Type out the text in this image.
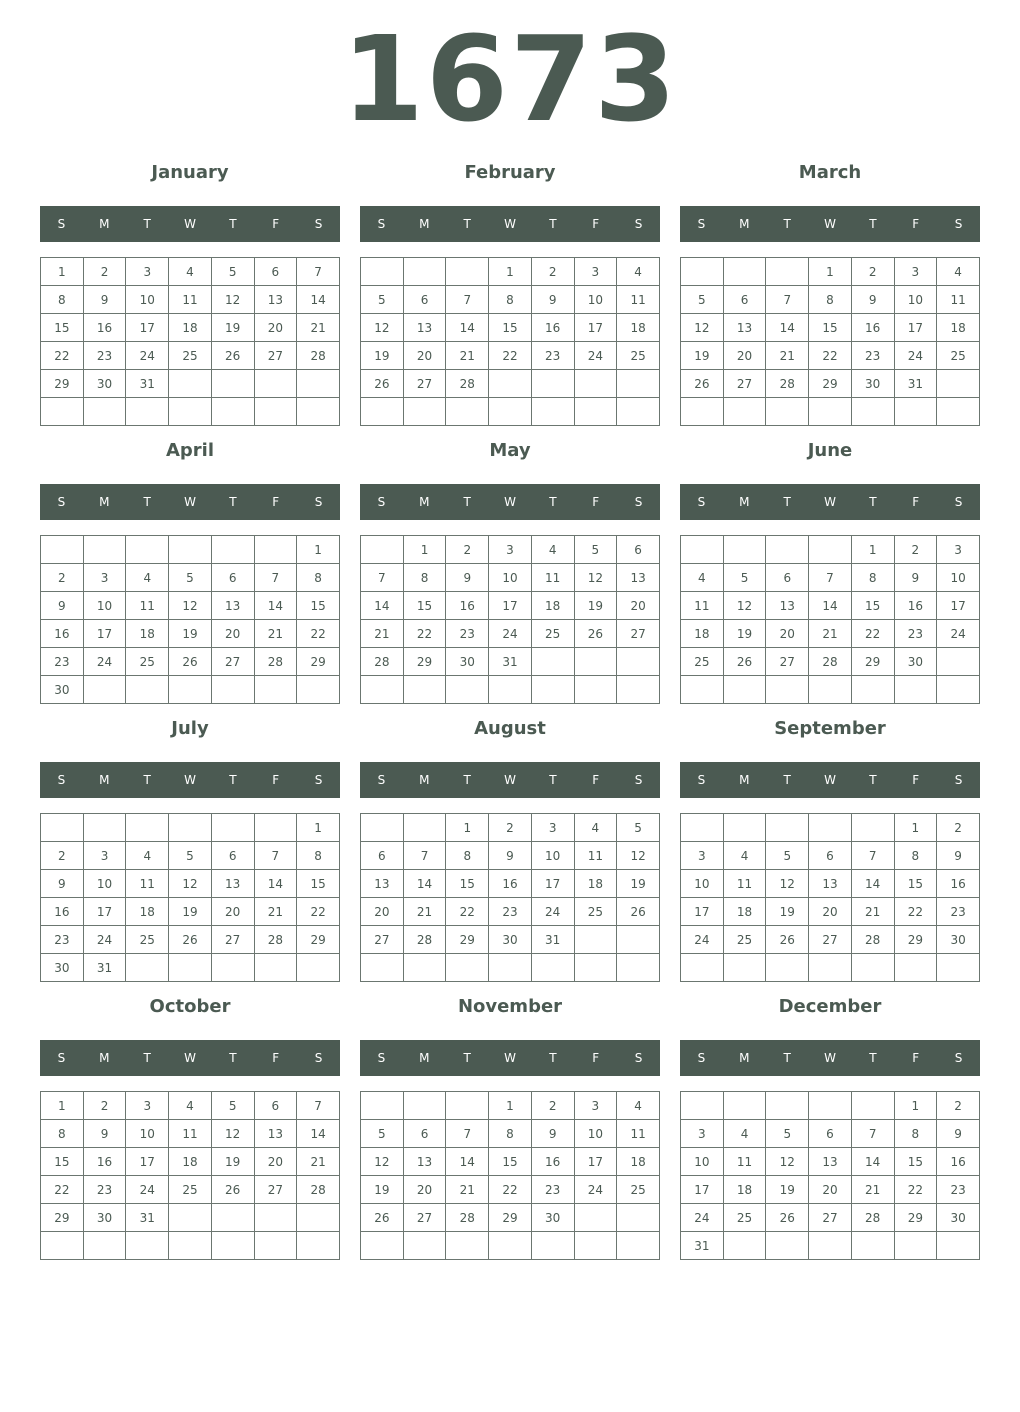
1673
January
S	M	T	W	T	F	S
1	2	3	4	5	6	7
8	9	10	11	12	13	14
15	16	17	18	19	20	21
22	23	24	25	26	27	28
29	30	31				

February
S	M	T	W	T	F	S
			1	2	3	4
5	6	7	8	9	10	11
12	13	14	15	16	17	18
19	20	21	22	23	24	25
26	27	28				

March
S	M	T	W	T	F	S
			1	2	3	4
5	6	7	8	9	10	11
12	13	14	15	16	17	18
19	20	21	22	23	24	25
26	27	28	29	30	31	

April
S	M	T	W	T	F	S
						1
2	3	4	5	6	7	8
9	10	11	12	13	14	15
16	17	18	19	20	21	22
23	24	25	26	27	28	29
30						
May
S	M	T	W	T	F	S
	1	2	3	4	5	6
7	8	9	10	11	12	13
14	15	16	17	18	19	20
21	22	23	24	25	26	27
28	29	30	31			

June
S	M	T	W	T	F	S
				1	2	3
4	5	6	7	8	9	10
11	12	13	14	15	16	17
18	19	20	21	22	23	24
25	26	27	28	29	30	

July
S	M	T	W	T	F	S
						1
2	3	4	5	6	7	8
9	10	11	12	13	14	15
16	17	18	19	20	21	22
23	24	25	26	27	28	29
30	31					
August
S	M	T	W	T	F	S
		1	2	3	4	5
6	7	8	9	10	11	12
13	14	15	16	17	18	19
20	21	22	23	24	25	26
27	28	29	30	31		

September
S	M	T	W	T	F	S
					1	2
3	4	5	6	7	8	9
10	11	12	13	14	15	16
17	18	19	20	21	22	23
24	25	26	27	28	29	30

October
S	M	T	W	T	F	S
1	2	3	4	5	6	7
8	9	10	11	12	13	14
15	16	17	18	19	20	21
22	23	24	25	26	27	28
29	30	31				

November
S	M	T	W	T	F	S
			1	2	3	4
5	6	7	8	9	10	11
12	13	14	15	16	17	18
19	20	21	22	23	24	25
26	27	28	29	30		

December
S	M	T	W	T	F	S
					1	2
3	4	5	6	7	8	9
10	11	12	13	14	15	16
17	18	19	20	21	22	23
24	25	26	27	28	29	30
31						
